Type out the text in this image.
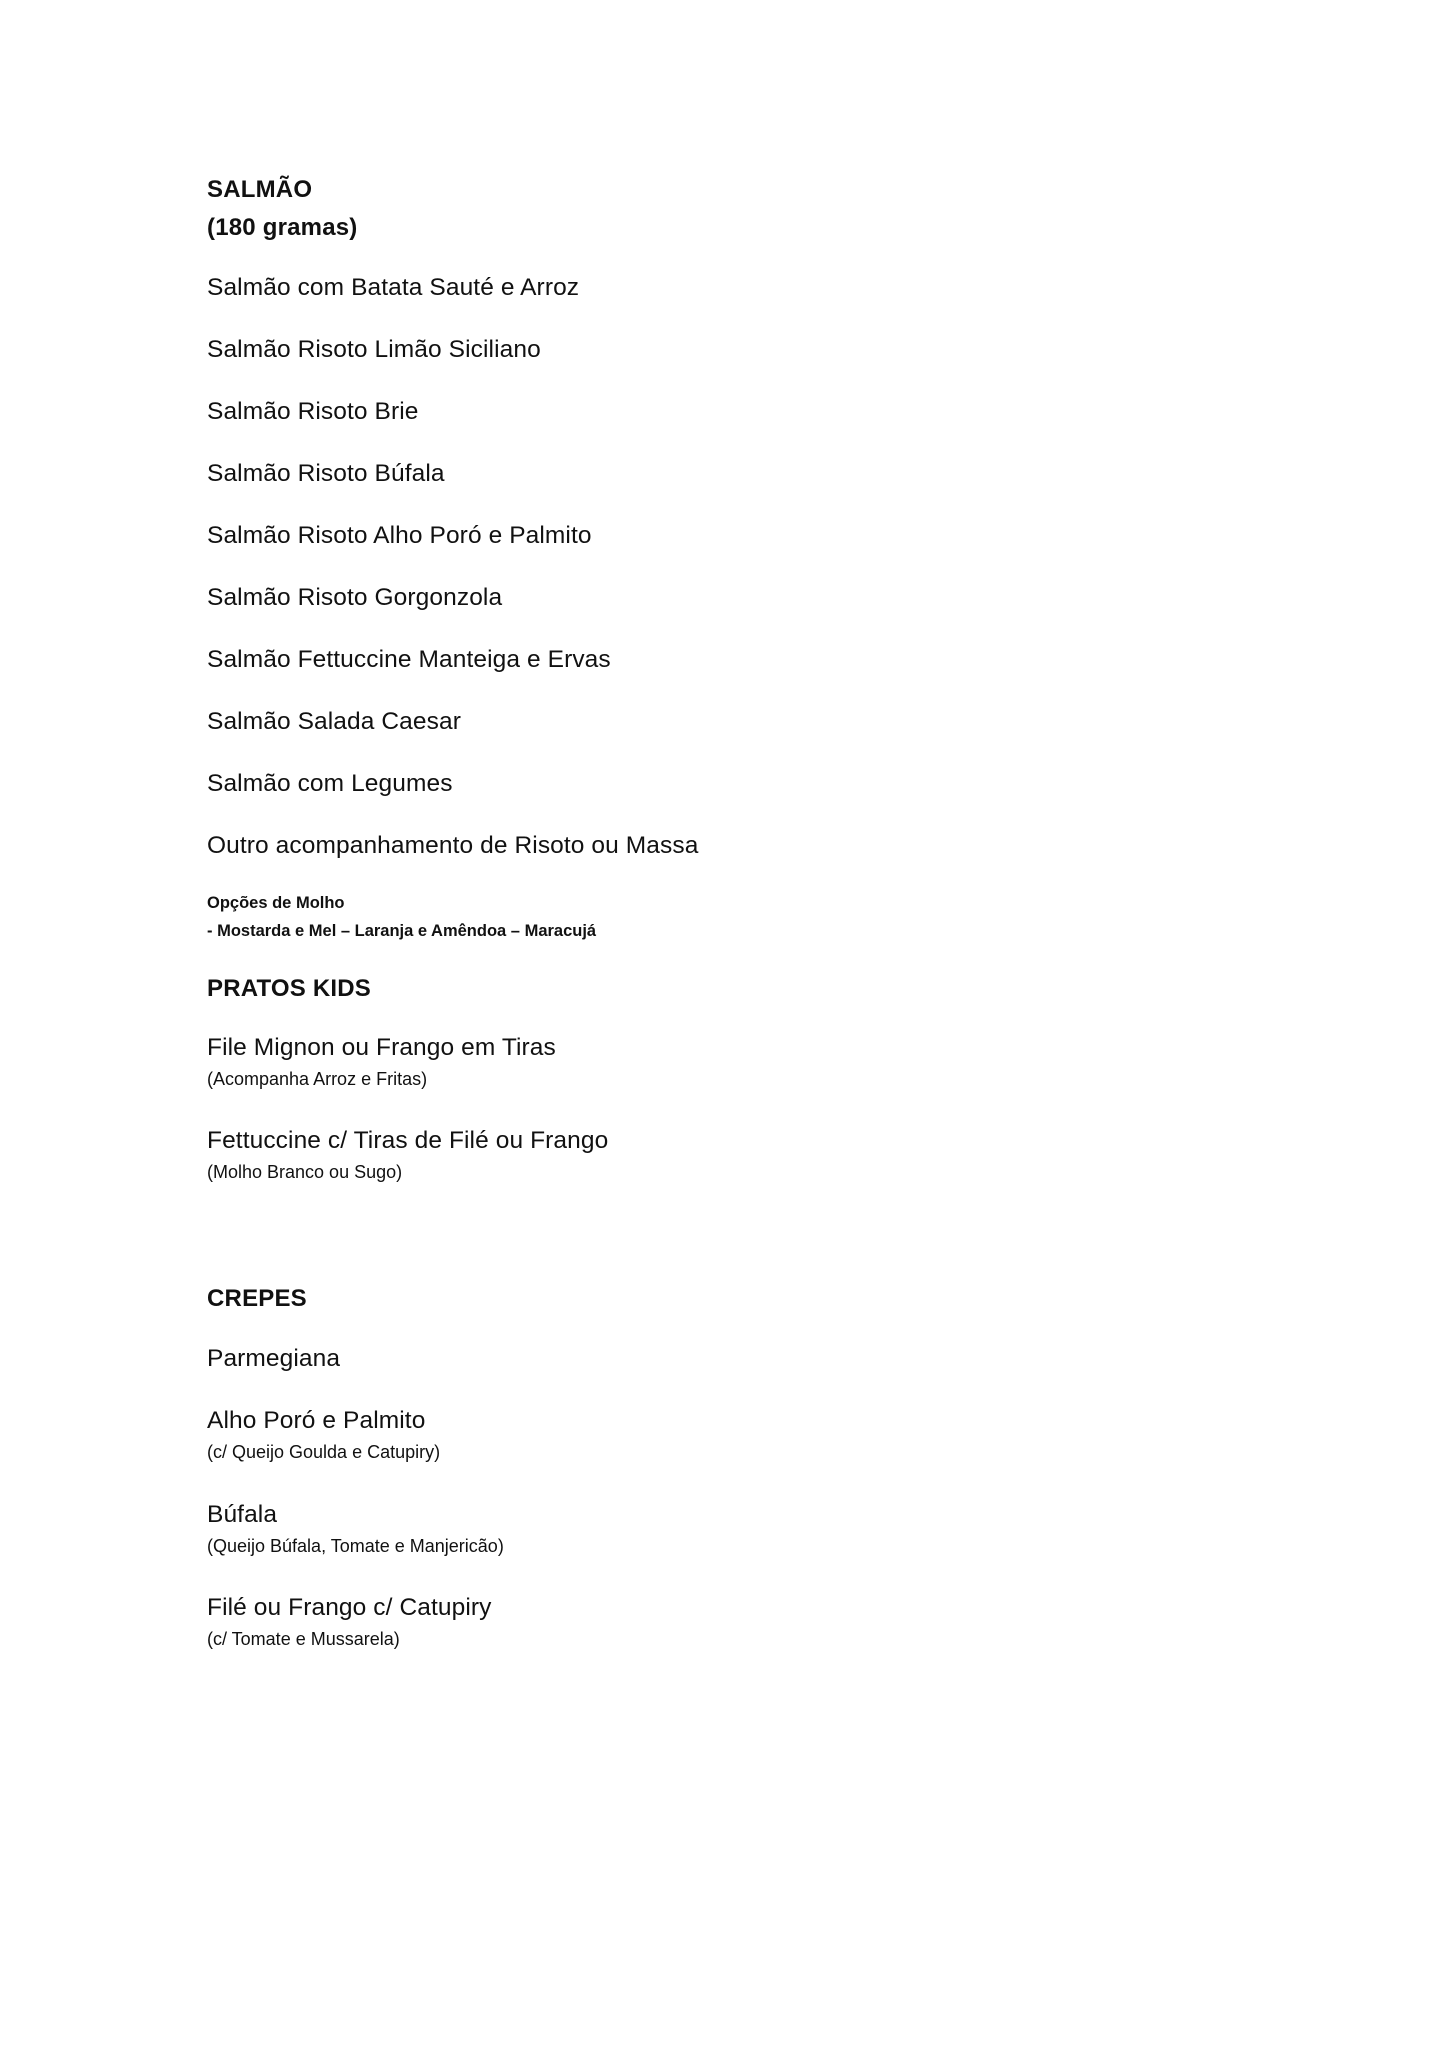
SALMÃO
(180 gramas)
Salmão com Batata Sauté e Arroz
Salmão Risoto Limão Siciliano
Salmão Risoto Brie
Salmão Risoto Búfala
Salmão Risoto Alho Poró e Palmito
Salmão Risoto Gorgonzola
Salmão Fettuccine Manteiga e Ervas
Salmão Salada Caesar
Salmão com Legumes
Outro acompanhamento de Risoto ou Massa
Opções de Molho
- Mostarda e Mel – Laranja e Amêndoa – Maracujá
PRATOS KIDS
File Mignon ou Frango em Tiras
(Acompanha Arroz e Fritas)
Fettuccine c/ Tiras de Filé ou Frango
(Molho Branco ou Sugo)
CREPES
Parmegiana
Alho Poró e Palmito
(c/ Queijo Goulda e Catupiry)
Búfala
(Queijo Búfala, Tomate e Manjericão)
Filé ou Frango c/ Catupiry
(c/ Tomate e Mussarela)
